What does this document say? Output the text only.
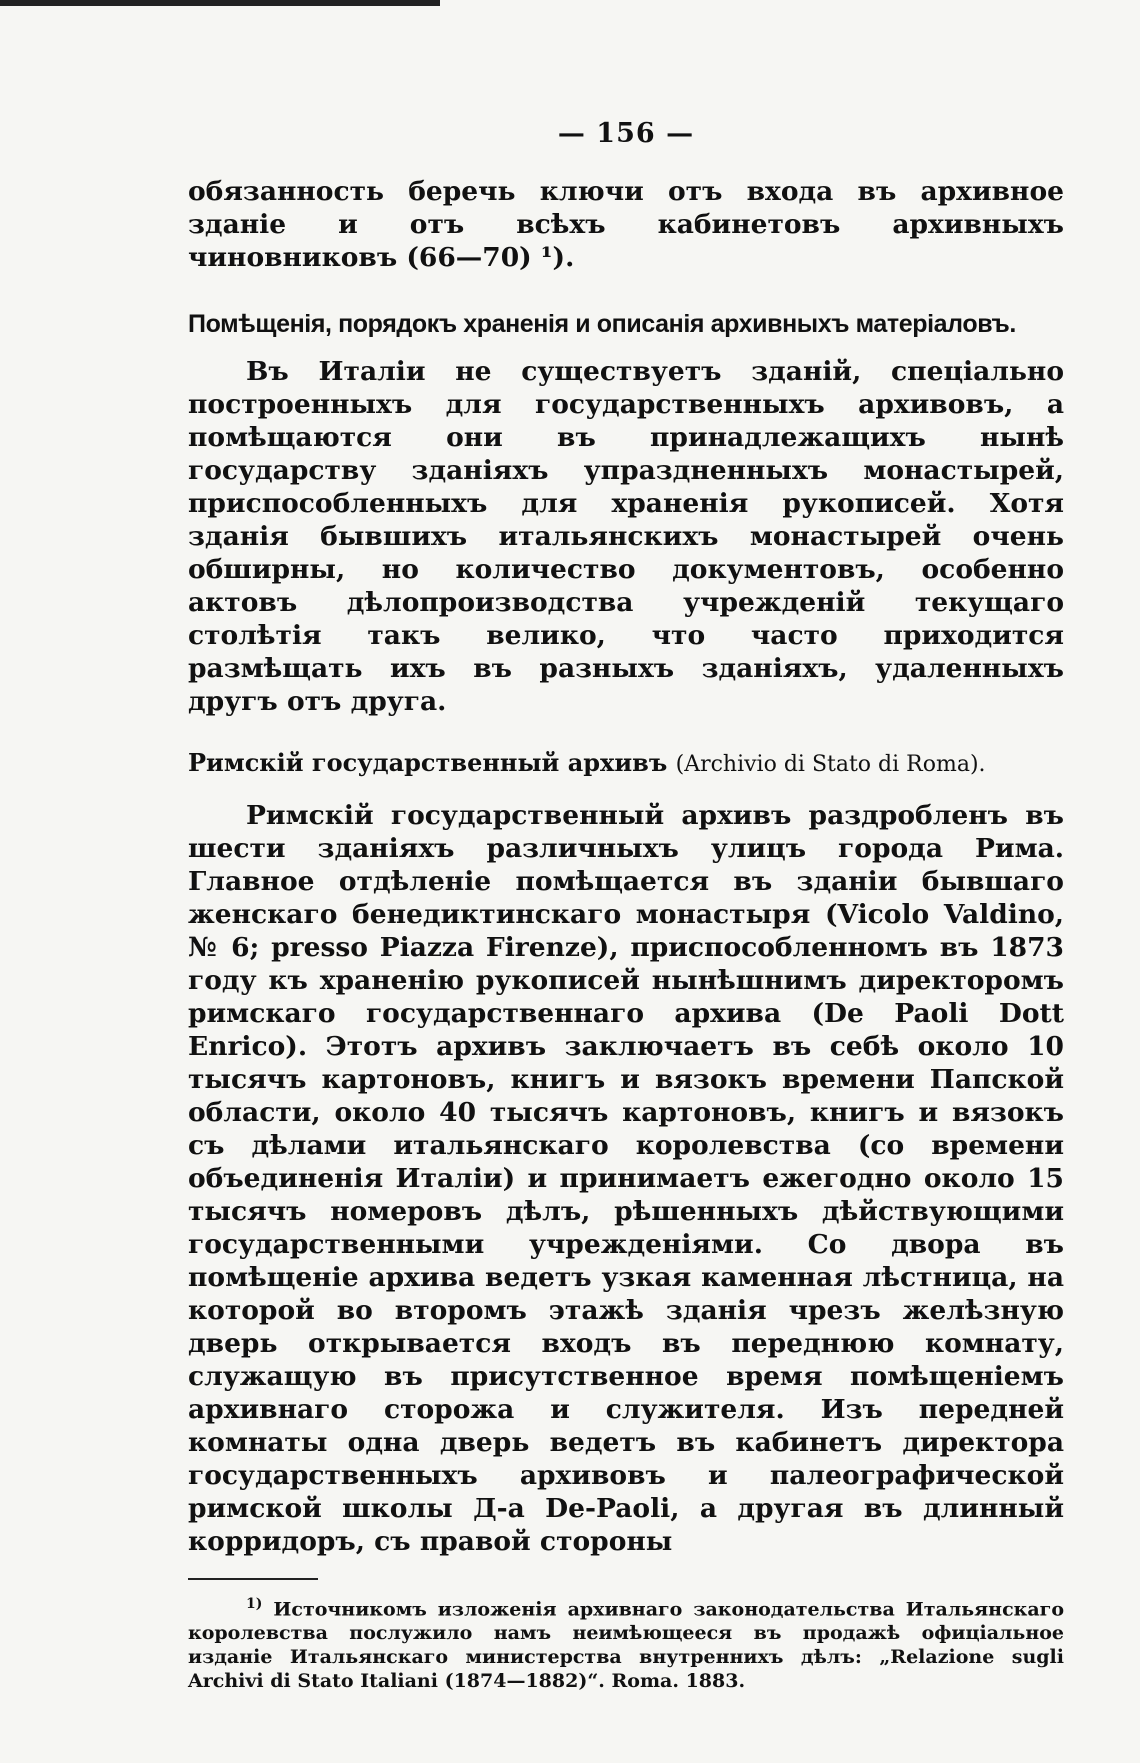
— 156 —

обязанность беречь ключи отъ входа въ архивное зданіе и отъ всѣхъ кабинетовъ архивныхъ чиновниковъ (66—70) ¹).

Помѣщенія, порядокъ храненія и описанія архивныхъ матеріаловъ.

Въ Италіи не существуетъ зданій, спеціально построенныхъ для государственныхъ архивовъ, а помѣщаются они въ принадлежащихъ нынѣ государству зданіяхъ упраздненныхъ монастырей, приспособленныхъ для храненія рукописей. Хотя зданія бывшихъ итальянскихъ монастырей очень обширны, но количество документовъ, особенно актовъ дѣлопроизводства учрежденій текущаго столѣтія такъ велико, что часто приходится размѣщать ихъ въ разныхъ зданіяхъ, удаленныхъ другъ отъ друга.

Римскій государственный архивъ (Archivio di Stato di Roma).

Римскій государственный архивъ раздробленъ въ шести зданіяхъ различныхъ улицъ города Рима. Главное отдѣленіе помѣщается въ зданіи бывшаго женскаго бенедиктинскаго монастыря (Vicolo Valdino, № 6; presso Piazza Firenze), приспособленномъ въ 1873 году къ храненію рукописей нынѣшнимъ директоромъ римскаго государственнаго архива (De Paoli Dott Enrico). Этотъ архивъ заключаетъ въ себѣ около 10 тысячъ картоновъ, книгъ и вязокъ времени Папской области, около 40 тысячъ картоновъ, книгъ и вязокъ съ дѣлами итальянскаго королевства (со времени объединенія Италіи) и принимаетъ ежегодно около 15 тысячъ номеровъ дѣлъ, рѣшенныхъ дѣйствующими государственными учрежденіями. Со двора въ помѣщеніе архива ведетъ узкая каменная лѣстница, на которой во второмъ этажѣ зданія чрезъ желѣзную дверь открывается входъ въ переднюю комнату, служащую въ присутственное время помѣщеніемъ архивнаго сторожа и служителя. Изъ передней комнаты одна дверь ведетъ въ кабинетъ директора государственныхъ архивовъ и палеографической римской школы Д-а De-Paoli, а другая въ длинный корридоръ, съ правой стороны

$^{1)}$ Источникомъ изложенія архивнаго законодательства Итальянскаго королевства послужило намъ неимѣющееся въ продажѣ офиціальное изданіе Итальянскаго министерства внутреннихъ дѣлъ: „Relazione sugli Archivi di Stato Italiani (1874—1882)“. Roma. 1883.
